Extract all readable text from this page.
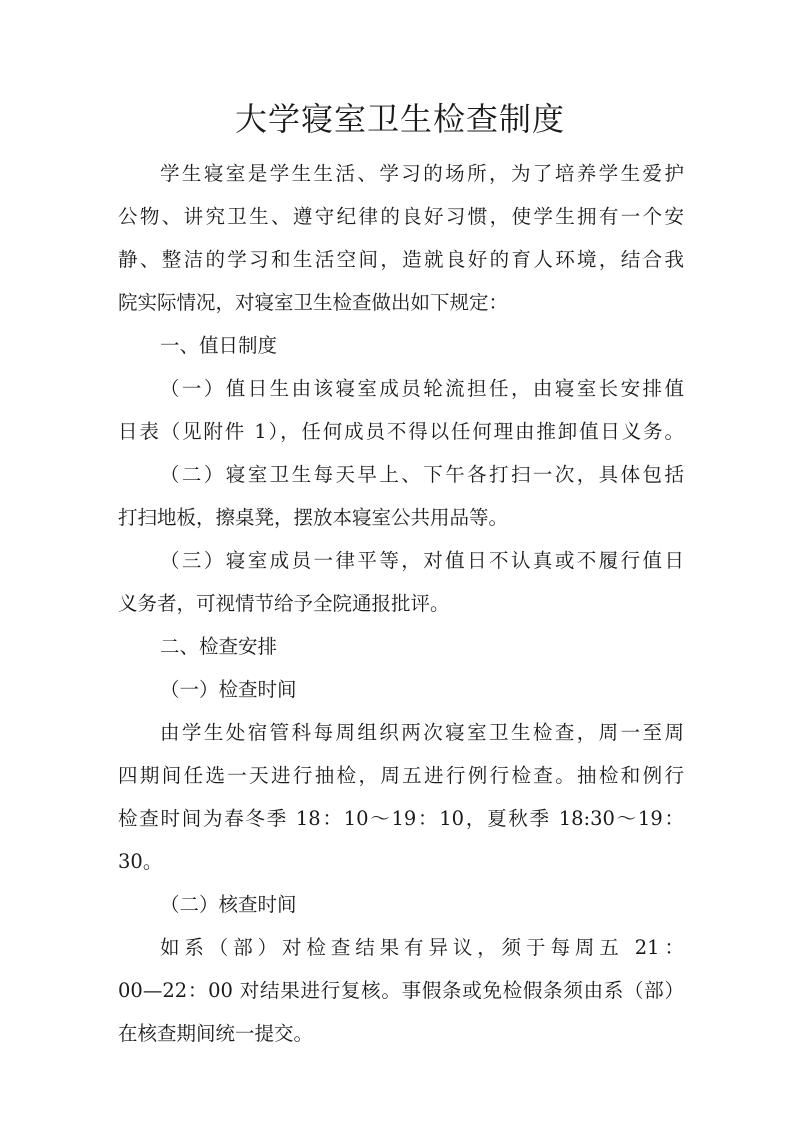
大学寝室卫生检查制度
学生寝室是学生生活、学习的场所，为了培养学生爱护
公物、讲究卫生、遵守纪律的良好习惯，使学生拥有一个安
静、整洁的学习和生活空间，造就良好的育人环境，结合我
院实际情况，对寝室卫生检查做出如下规定：
一、值日制度
（一）值日生由该寝室成员轮流担任，由寝室长安排值
日表（见附件 1），任何成员不得以任何理由推卸值日义务。
（二）寝室卫生每天早上、下午各打扫一次，具体包括
打扫地板，擦桌凳，摆放本寝室公共用品等。
（三）寝室成员一律平等，对值日不认真或不履行值日
义务者，可视情节给予全院通报批评。
二、检查安排
（一）检查时间
由学生处宿管科每周组织两次寝室卫生检查，周一至周
四期间任选一天进行抽检，周五进行例行检查。抽检和例行
检查时间为春冬季 18：10～19：10，夏秋季 18:30～19：
30。
（二）核查时间
如系（部）对检查结果有异议，须于每周五 21：
00—22：00 对结果进行复核。事假条或免检假条须由系（部）
在核查期间统一提交。
